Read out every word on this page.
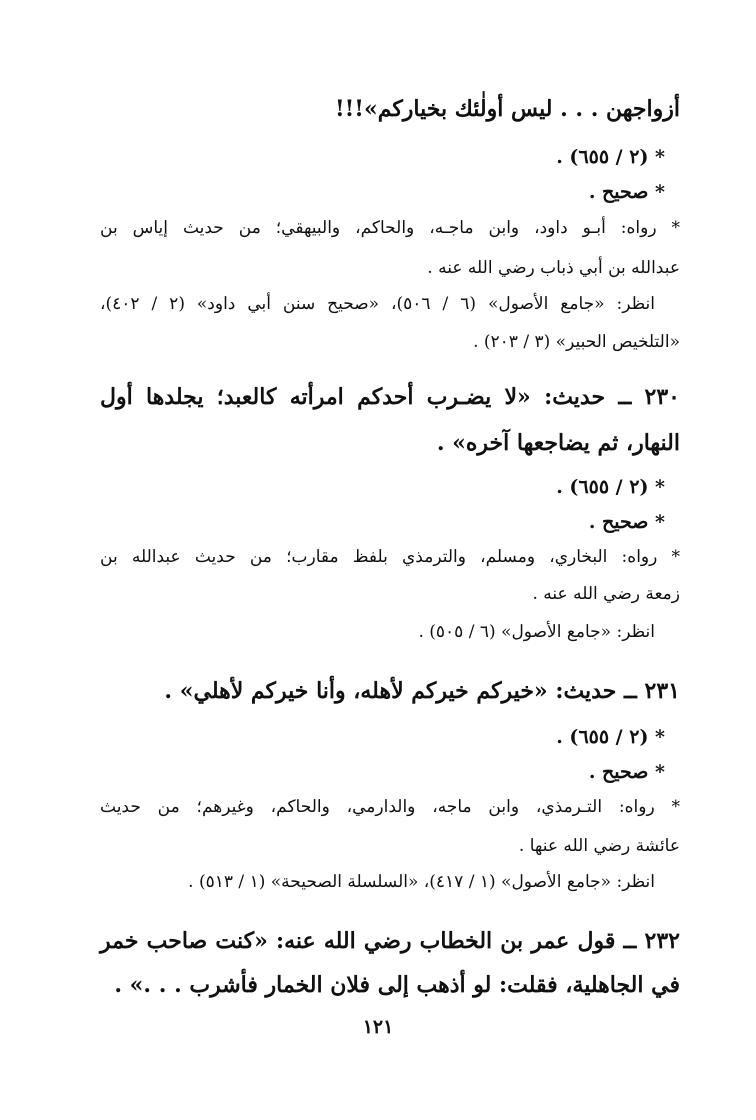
أزواجهن . . . ليس أولٰئك بخياركم»!!!

* (٢ / ٦٥٥) .

* صحيح .

* رواه: أبـو داود، وابن ماجـه، والحاكم، والبيهقي؛ من حديث إياس بن

عبدالله بن أبي ذباب رضي الله عنه .

انظر: «جامع الأصول» (٦ / ٥٠٦)، «صحيح سنن أبي داود» (٢ / ٤٠٢)،

«التلخيص الحبير» (٣ / ٢٠٣) .

٢٣٠ ــ حديث: «لا يضـرب أحدكم امرأته كالعبد؛ يجلدها أول

النهار، ثم يضاجعها آخره» .

* (٢ / ٦٥٥) .

* صحيح .

* رواه: البخاري، ومسلم، والترمذي بلفظ مقارب؛ من حديث عبدالله بن

زمعة رضي الله عنه .

انظر: «جامع الأصول» (٦ / ٥٠٥) .

٢٣١ ــ حديث: «خيركم خيركم لأهله، وأنا خيركم لأهلي» .

* (٢ / ٦٥٥) .

* صحيح .

* رواه: التـرمذي، وابن ماجه، والدارمي، والحاكم، وغيرهم؛ من حديث

عائشة رضي الله عنها .

انظر: «جامع الأصول» (١ / ٤١٧)، «السلسلة الصحيحة» (١ / ٥١٣) .

٢٣٢ ــ قول عمر بن الخطاب رضي الله عنه: «كنت صاحب خمر

في الجاهلية، فقلت: لو أذهب إلى فلان الخمار فأشرب . . .» .

١٢١
